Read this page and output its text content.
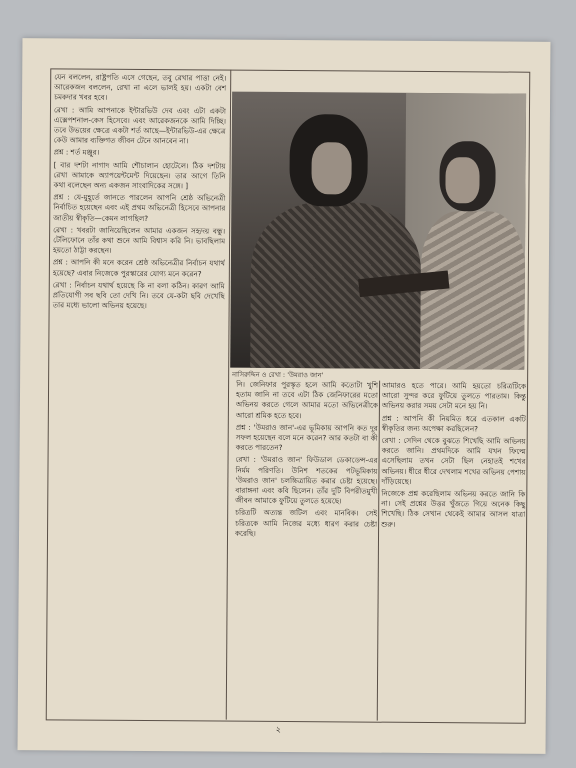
যেন বললেন, রাষ্ট্রপতি এসে গেছেন, তবু রেখার পাত্তা নেই। আরেকজন বললেন, রেখা না এলে ভালই হয়। একটা বেশ চমকদার খবর হবে।

রেখা : আমি আপনাকে ইন্টারভিউ দেব এবং এটা একটা এক্সেপশনাল-কেস হিসেবে। এবং আরেকজনকে আমি দিচ্ছি। তবে উভয়ের ক্ষেত্রে একটা শর্ত আছে—ইন্টারভিউ-এর ক্ষেত্রে কেউ আমার ব্যক্তিগত জীবন টেনে আনবেন না।

প্রশ্ন : শর্ত মঞ্জুর।

[ বার দশটা নাগাদ আমি শৌচালান হোটেলে। ঠিক দশটায় রেখা আমাকে অ্যাপয়েন্টমেন্ট দিয়েছেন। তার আগে তিনি কথা বলেছেন অন্য একজন সাংবাদিকের সঙ্গে। ]

প্রশ্ন : যে-মুহূর্তে জানতে পারলেন আপনি শ্রেষ্ঠ অভিনেত্রী নির্বাচিত হয়েছেন এবং এই প্রথম অভিনেত্রী হিসেবে আপনার জাতীয় স্বীকৃতি—কেমন লাগছিল?

রেখা : খবরটা জানিয়েছিলেন আমার একজন সহৃদয় বন্ধু। টেলিফোনে তাঁর কথা শুনে আমি বিশ্বাস করি নি। ভাবছিলাম হয়তো ঠাট্টা করছেন।

প্রশ্ন : আপনি কী মনে করেন শ্রেষ্ঠ অভিনেত্রীর নির্বাচন যথার্থ হয়েছে? এবার নিজেকে পুরস্কারের যোগ্য মনে করেন?

রেখা : নির্বাচন যথার্থ হয়েছে কি না বলা কঠিন। কারণ আমি প্রতিযোগী সব ছবি তো দেখি নি। তবে যে-কটা ছবি দেখেছি তার মধ্যে ভালো অভিনয় হয়েছে।

নাসিরুদ্দিন ও রেখা : 'উমরাও জান'

নি। জেনিফার পুরস্কৃত হলে আমি কতোটা খুশি হতাম জানি না তবে এটা ঠিক জেনিফারের মতো অভিনয় করতে গেলে আমার মতো অভিনেত্রীকে আরো শ্রমিক হতে হবে।

প্রশ্ন : 'উমরাও জান'-এর ভূমিকায় আপনি কত দূর সফল হয়েছেন বলে মনে করেন? আর কতটা বা কী করতে পারতেন?

রেখা : 'উমরাও জান' ফিউডাল ডেকাডেন্স-এর নির্মম পরিণতি। উনিশ শতকের পটভূমিকায় 'উমরাও জান' চলচ্চিত্রায়িত করার চেষ্টা হয়েছে। বারাঙ্গনা এবং কবি ছিলেন। তাঁর দুটি বিপরীতমুখী জীবন আমাকে ফুটিয়ে তুলতে হয়েছে।

চরিত্রটি অত্যন্ত জটিল এবং মানবিক। সেই চরিত্রকে আমি নিজের মধ্যে ধারণ করার চেষ্টা করেছি।

আমারও হতে পারে। আমি হয়তো চরিত্রটিকে আরো সুন্দর করে ফুটিয়ে তুলতে পারতাম। কিন্তু অভিনয় করার সময় সেটা মনে হয় নি।

প্রশ্ন : আপনি কী নিয়মিত ধরে এতকাল একটি স্বীকৃতির জন্য অপেক্ষা করছিলেন?

রেখা : সেদিন থেকে বুঝতে শিখেছি আমি অভিনয় করতে জানি। প্রথমদিকে আমি যখন ফিল্মে এসেছিলাম তখন সেটা ছিল নেহাতই শখের অভিনয়। ধীরে ধীরে দেখলাম শখের অভিনয় পেশায় দাঁড়িয়েছে।

নিজেকে প্রশ্ন করেছিলাম অভিনয় করতে জানি কি না। সেই প্রশ্নের উত্তর খুঁজতে গিয়ে অনেক কিছু শিখেছি। ঠিক সেখান থেকেই আমার আসল যাত্রা শুরু।

২
